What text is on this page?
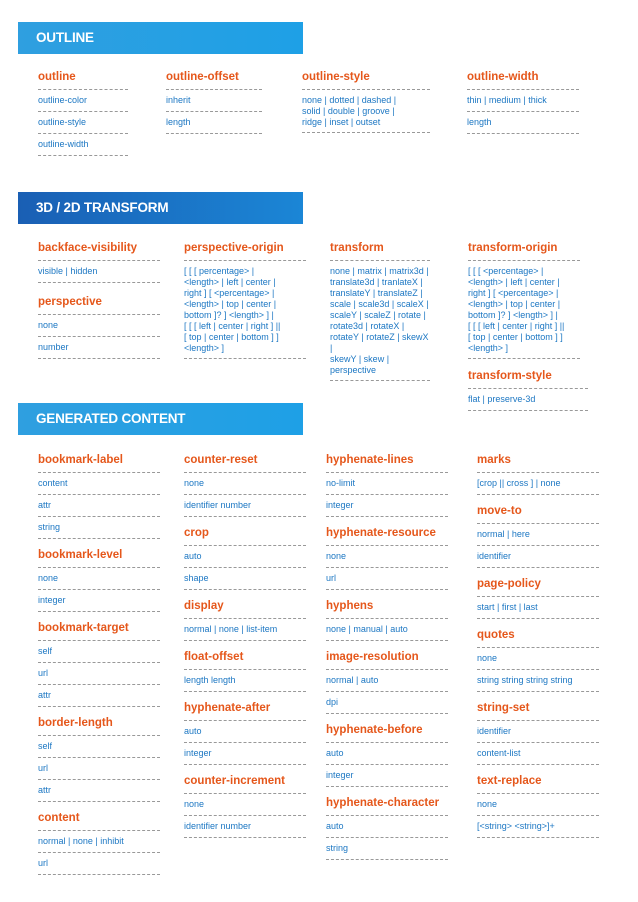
OUTLINE
3D / 2D TRANSFORM
GENERATED CONTENT
outline
outline-color
outline-style
outline-width
outline-offset
inherit
length
outline-style
none | dotted | dashed |
solid | double | groove |
ridge | inset | outset
outline-width
thin | medium | thick
length
backface-visibility
visible | hidden
perspective
none
number
perspective-origin
[ [ [ percentage> |
<length> | left | center |
right ] [ <percentage> |
<length> | top | center |
bottom ]? ] <length> ] |
[ [ [ left | center | right ] ||
[ top | center | bottom ] ]
<length> ]
transform
none | matrix | matrix3d |
translate3d | tranlateX |
translateY | translateZ |
scale | scale3d | scaleX |
scaleY | scaleZ | rotate |
rotate3d | rotateX |
rotateY | rotateZ | skewX |
skewY | skew |
perspective
transform-origin
[ [ [ <percentage> |
<length> | left | center |
right ] [ <percentage> |
<length> | top | center |
bottom ]? ] <length> ] |
[ [ [ left | center | right ] ||
[ top | center | bottom ] ]
<length> ]
transform-style
flat | preserve-3d
bookmark-label
content
attr
string
bookmark-level
none
integer
bookmark-target
self
url
attr
border-length
self
url
attr
content
normal | none | inhibit
url
counter-reset
none
identifier number
crop
auto
shape
display
normal | none | list-item
float-offset
length length
hyphenate-after
auto
integer
counter-increment
none
identifier number
hyphenate-lines
no-limit
integer
hyphenate-resource
none
url
hyphens
none | manual | auto
image-resolution
normal | auto
dpi
hyphenate-before
auto
integer
hyphenate-character
auto
string
marks
[crop || cross ] | none
move-to
normal | here
identifier
page-policy
start | first | last
quotes
none
string string string string
string-set
identifier
content-list
text-replace
none
[<string> <string>]+
